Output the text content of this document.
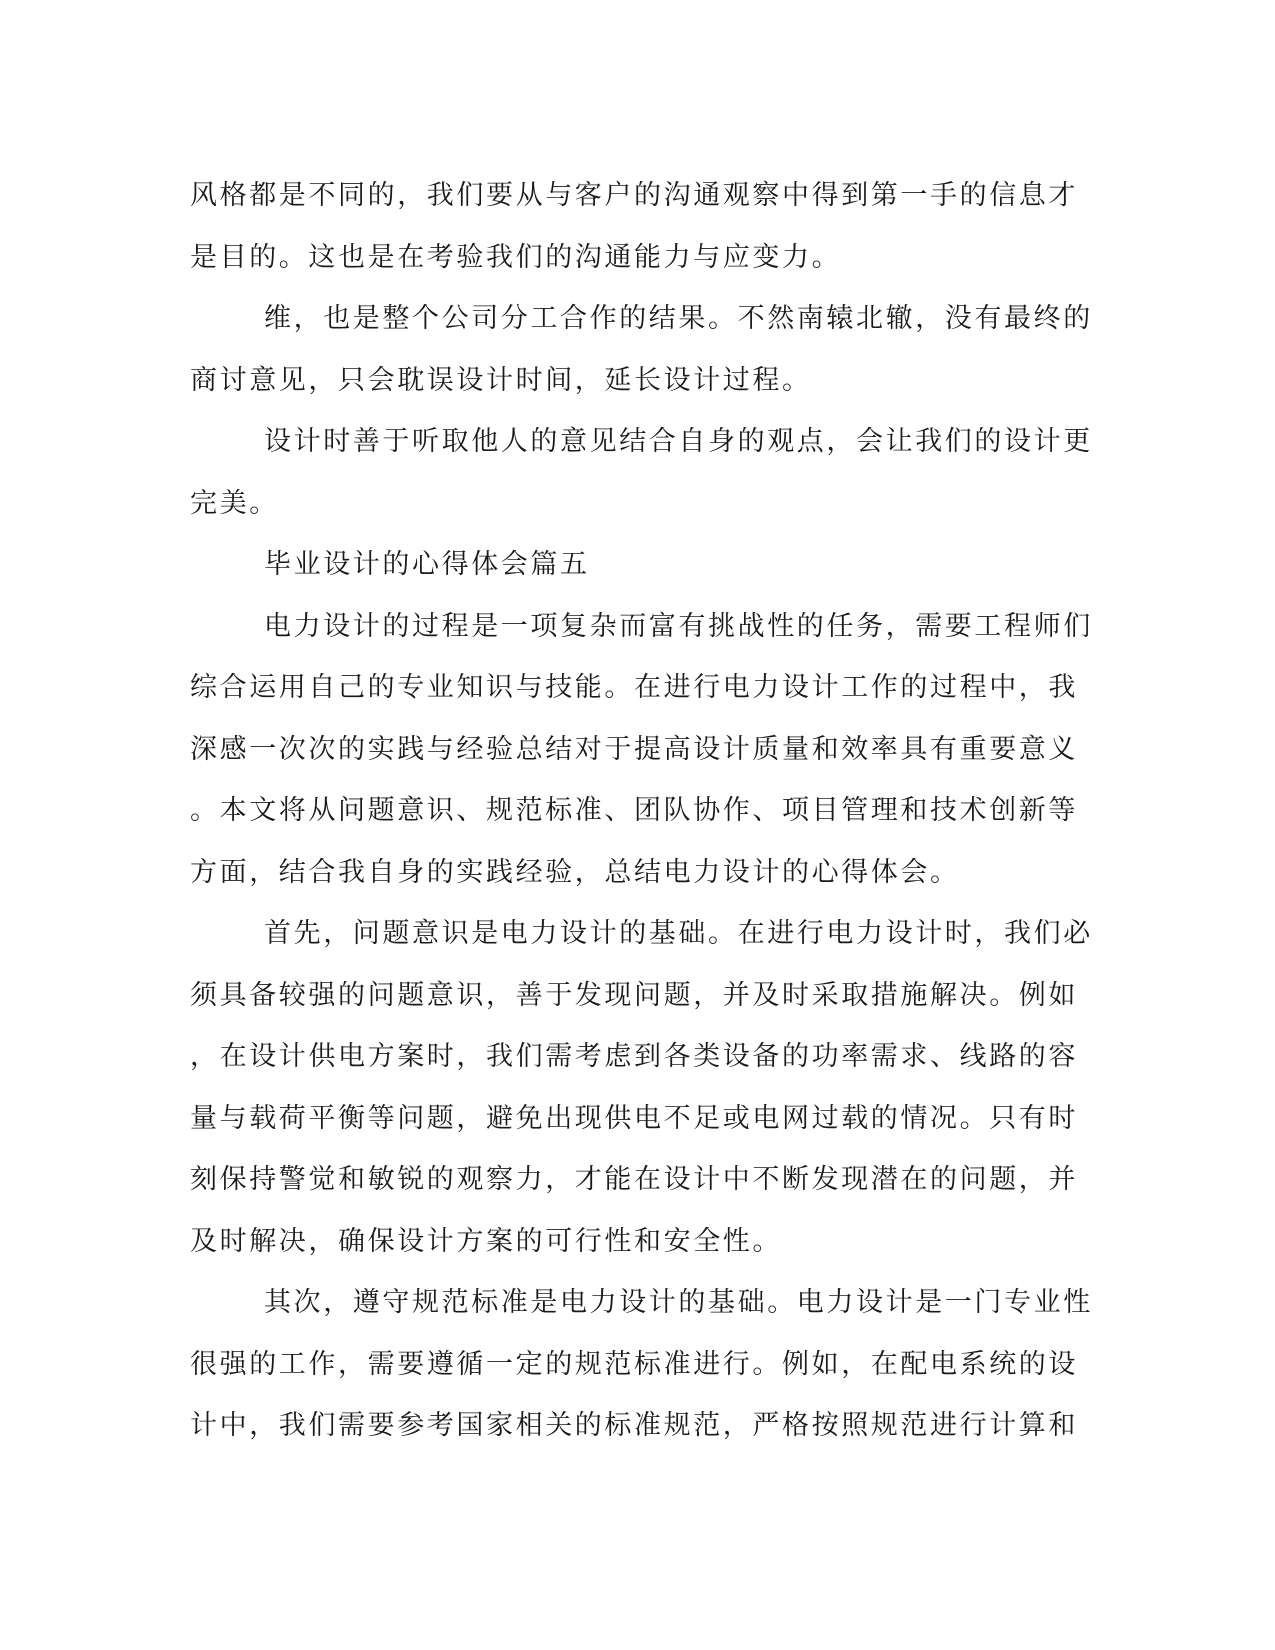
风格都是不同的，我们要从与客户的沟通观察中得到第一手的信息才
是目的。这也是在考验我们的沟通能力与应变力。
维，也是整个公司分工合作的结果。不然南辕北辙，没有最终的
商讨意见，只会耽误设计时间，延长设计过程。
设计时善于听取他人的意见结合自身的观点，会让我们的设计更
完美。
毕业设计的心得体会篇五
电力设计的过程是一项复杂而富有挑战性的任务，需要工程师们
综合运用自己的专业知识与技能。在进行电力设计工作的过程中，我
深感一次次的实践与经验总结对于提高设计质量和效率具有重要意义
。本文将从问题意识、规范标准、团队协作、项目管理和技术创新等
方面，结合我自身的实践经验，总结电力设计的心得体会。
首先，问题意识是电力设计的基础。在进行电力设计时，我们必
须具备较强的问题意识，善于发现问题，并及时采取措施解决。例如
，在设计供电方案时，我们需考虑到各类设备的功率需求、线路的容
量与载荷平衡等问题，避免出现供电不足或电网过载的情况。只有时
刻保持警觉和敏锐的观察力，才能在设计中不断发现潜在的问题，并
及时解决，确保设计方案的可行性和安全性。
其次，遵守规范标准是电力设计的基础。电力设计是一门专业性
很强的工作，需要遵循一定的规范标准进行。例如，在配电系统的设
计中，我们需要参考国家相关的标准规范，严格按照规范进行计算和
